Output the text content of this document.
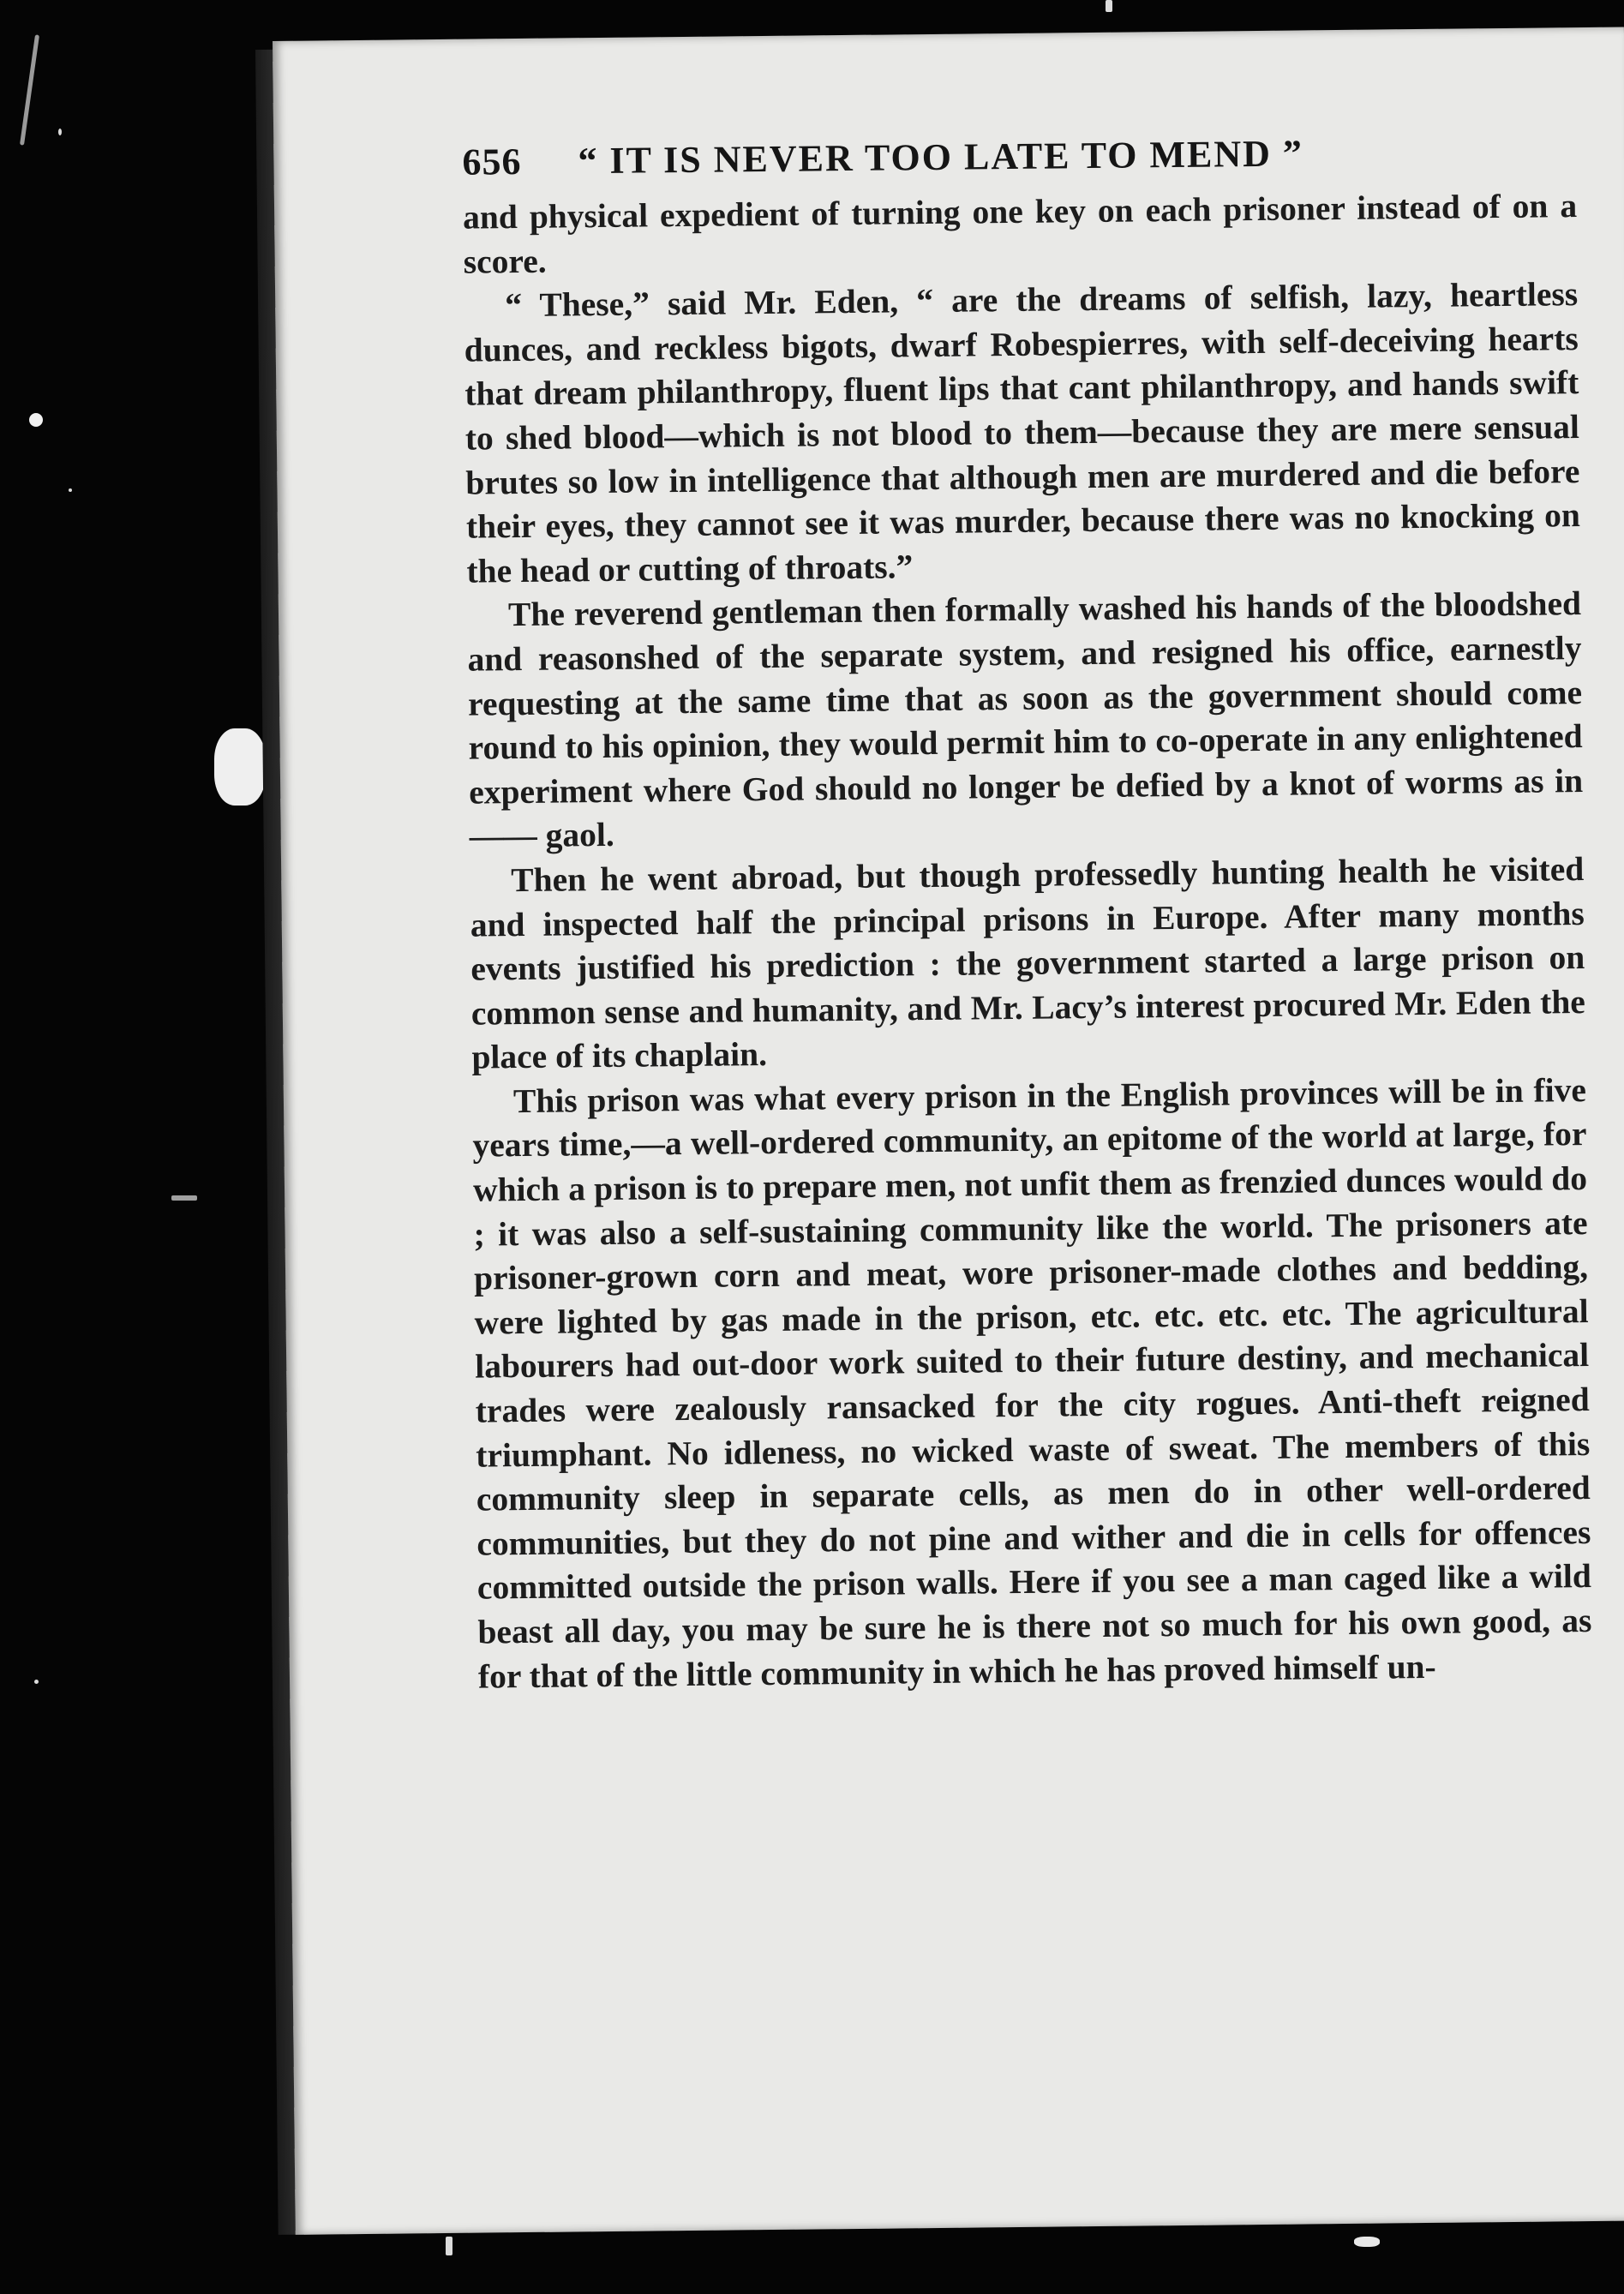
656 “ IT IS NEVER TOO LATE TO MEND ”

and physical expedient of turning one key on each prisoner instead of on a score.

“ These,” said Mr. Eden, “ are the dreams of selfish, lazy, heartless dunces, and reckless bigots, dwarf Robespierres, with self-deceiving hearts that dream philanthropy, fluent lips that cant philanthropy, and hands swift to shed blood—which is not blood to them—because they are mere sensual brutes so low in intelligence that although men are murdered and die before their eyes, they cannot see it was murder, because there was no knocking on the head or cutting of throats.”

The reverend gentleman then formally washed his hands of the bloodshed and reasonshed of the separate system, and resigned his office, earnestly requesting at the same time that as soon as the government should come round to his opinion, they would permit him to co-operate in any enlightened experiment where God should no longer be defied by a knot of worms as in —— gaol.

Then he went abroad, but though professedly hunting health he visited and inspected half the principal prisons in Europe. After many months events justified his prediction : the government started a large prison on common sense and humanity, and Mr. Lacy’s interest procured Mr. Eden the place of its chaplain.

This prison was what every prison in the English provinces will be in five years time,—a well-ordered community, an epitome of the world at large, for which a prison is to prepare men, not unfit them as frenzied dunces would do ; it was also a self-sustaining community like the world. The prisoners ate prisoner-grown corn and meat, wore prisoner-made clothes and bedding, were lighted by gas made in the prison, etc. etc. etc. etc. The agricultural labourers had out-door work suited to their future destiny, and mechanical trades were zealously ransacked for the city rogues. Anti-theft reigned triumphant. No idleness, no wicked waste of sweat. The members of this community sleep in separate cells, as men do in other well-ordered communities, but they do not pine and wither and die in cells for offences committed outside the prison walls. Here if you see a man caged like a wild beast all day, you may be sure he is there not so much for his own good, as for that of the little community in which he has proved himself un-
